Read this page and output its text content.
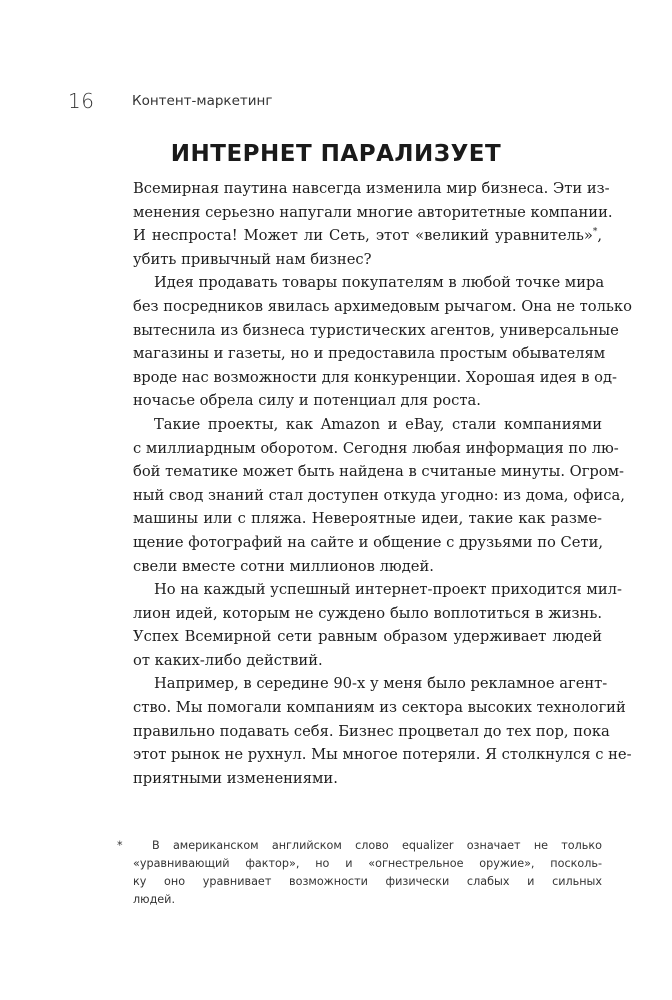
16	Контент-маркетинг
ИНТЕРНЕТ ПАРАЛИЗУЕТ

Всемирная паутина навсегда изменила мир бизнеса. Эти из-
менения серьезно напугали многие авторитетные компании.
И неспроста! Может ли Сеть, этот «великий уравнитель»*,
убить привычный нам бизнес?

Идея продавать товары покупателям в любой точке мира
без посредников явилась архимедовым рычагом. Она не только
вытеснила из бизнеса туристических агентов, универсальные
магазины и газеты, но и предоставила простым обывателям
вроде нас возможности для конкуренции. Хорошая идея в од-
ночасье обрела силу и потенциал для роста.

Такие проекты, как Amazon и eBay, стали компаниями
с миллиардным оборотом. Сегодня любая информация по лю-
бой тематике может быть найдена в считаные минуты. Огром-
ный свод знаний стал доступен откуда угодно: из дома, офиса,
машины или с пляжа. Невероятные идеи, такие как разме-
щение фотографий на сайте и общение с друзьями по Сети,
свели вместе сотни миллионов людей.

Но на каждый успешный интернет-проект приходится мил-
лион идей, которым не суждено было воплотиться в жизнь.
Успех Всемирной сети равным образом удерживает людей
от каких-либо действий.

Например, в середине 90-х у меня было рекламное агент-
ство. Мы помогали компаниям из сектора высоких технологий
правильно подавать себя. Бизнес процветал до тех пор, пока
этот рынок не рухнул. Мы многое потеряли. Я столкнулся с не-
приятными изменениями.

*	В американском английском слово equalizer означает не только
«уравнивающий фактор», но и «огнестрельное оружие», посколь-
ку оно уравнивает возможности физически слабых и сильных
людей.
